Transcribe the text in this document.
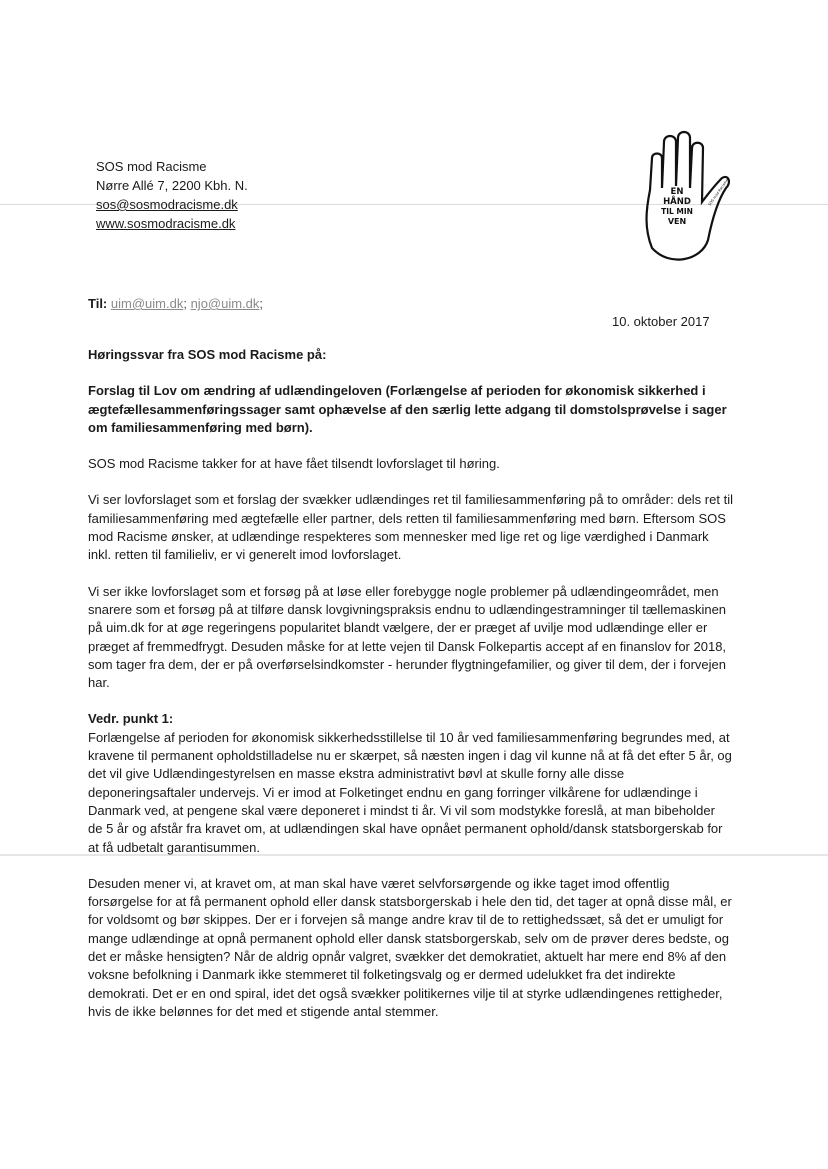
SOS mod Racisme
Nørre Allé 7, 2200 Kbh. N.
sos@sosmodracisme.dk
www.sosmodracisme.dk
EN
HÅND
TIL MIN
VEN
SOS mod Racisme
Til: uim@uim.dk; njo@uim.dk;
10. oktober 2017

Høringssvar fra SOS mod Racisme på:

Forslag til Lov om ændring af udlændingeloven (Forlængelse af perioden for økonomisk sikkerhed i ægtefællesammenføringssager samt ophævelse af den særlig lette adgang til domstolsprøvelse i sager om familiesammenføring med børn).

SOS mod Racisme takker for at have fået tilsendt lovforslaget til høring.

Vi ser lovforslaget som et forslag der svækker udlændinges ret til familiesammenføring på to områder: dels ret til familiesammenføring med ægtefælle eller partner, dels retten til familiesammenføring med børn. Eftersom SOS mod Racisme ønsker, at udlændinge respekteres som mennesker med lige ret og lige værdighed i Danmark inkl. retten til familieliv, er vi generelt imod lovforslaget.

Vi ser ikke lovforslaget som et forsøg på at løse eller forebygge nogle problemer på udlændingeområdet, men snarere som et forsøg på at tilføre dansk lovgivningspraksis endnu to udlændingestramninger til tællemaskinen på uim.dk for at øge regeringens popularitet blandt vælgere, der er præget af uvilje mod udlændinge eller er præget af fremmedfrygt. Desuden måske for at lette vejen til Dansk Folkepartis accept af en finanslov for 2018, som tager fra dem, der er på overførselsindkomster - herunder flygtningefamilier, og giver til dem, der i forvejen har.

Vedr. punkt 1:

Forlængelse af perioden for økonomisk sikkerhedsstillelse til 10 år ved familiesammenføring begrundes med, at kravene til permanent opholdstilladelse nu er skærpet, så næsten ingen i dag vil kunne nå at få det efter 5 år, og det vil give Udlændingestyrelsen en masse ekstra administrativt bøvl at skulle forny alle disse deponeringsaftaler undervejs. Vi er imod at Folketinget endnu en gang forringer vilkårene for udlændinge i Danmark ved, at pengene skal være deponeret i mindst ti år. Vi vil som modstykke foreslå, at man bibeholder de 5 år og afstår fra kravet om, at udlændingen skal have opnået permanent ophold/dansk statsborgerskab for at få udbetalt garantisummen.

Desuden mener vi, at kravet om, at man skal have været selvforsørgende og ikke taget imod offentlig forsørgelse for at få permanent ophold eller dansk statsborgerskab i hele den tid, det tager at opnå disse mål, er for voldsomt og bør skippes. Der er i forvejen så mange andre krav til de to rettighedssæt, så det er umuligt for mange udlændinge at opnå permanent ophold eller dansk statsborgerskab, selv om de prøver deres bedste, og det er måske hensigten? Når de aldrig opnår valgret, svækker det demokratiet, aktuelt har mere end 8% af den voksne befolkning i Danmark ikke stemmeret til folketingsvalg og er dermed udelukket fra det indirekte demokrati. Det er en ond spiral, idet det også svækker politikernes vilje til at styrke udlændingenes rettigheder, hvis de ikke belønnes for det med et stigende antal stemmer.
